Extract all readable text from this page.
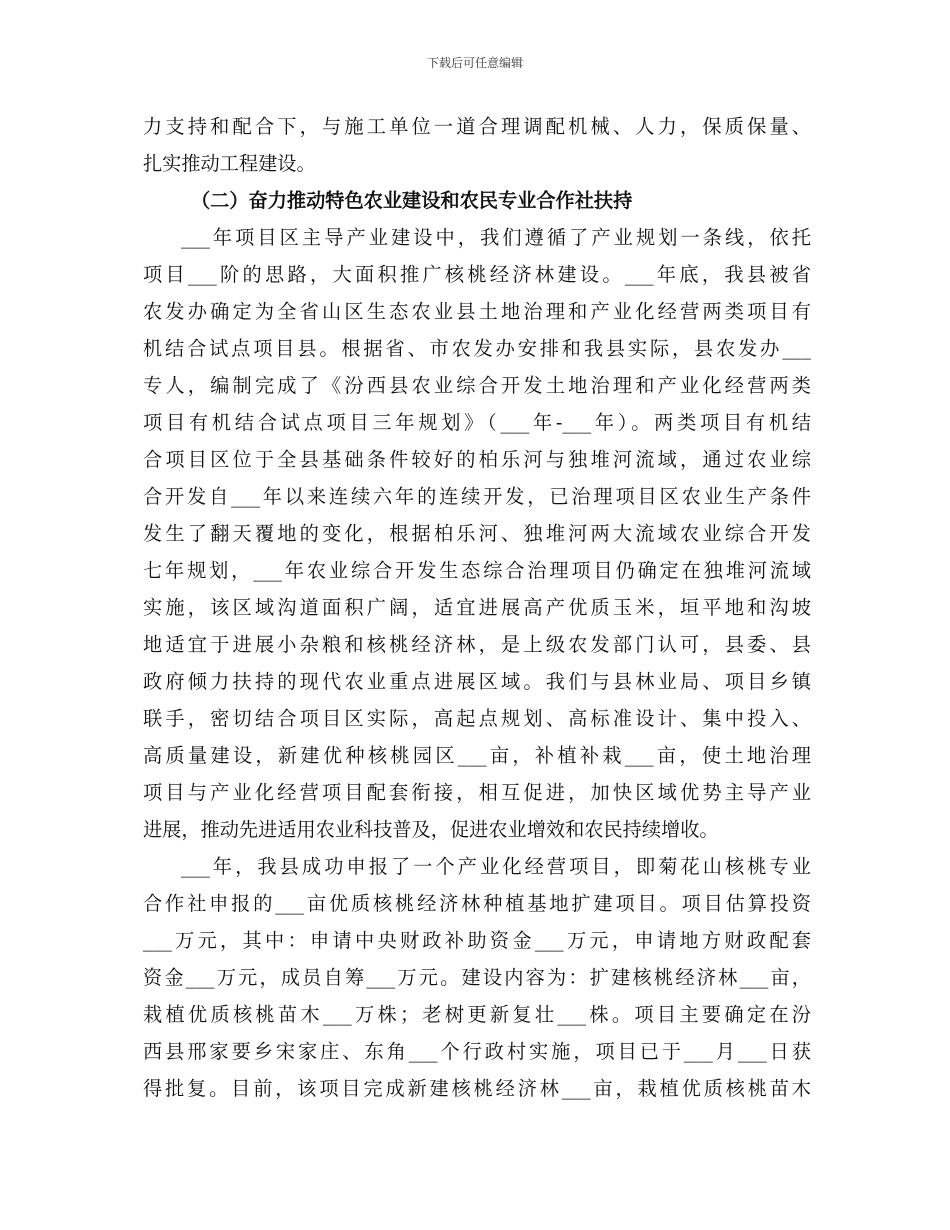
下载后可任意编辑
力支持和配合下，与施工单位一道合理调配机械、人力，保质保量、
扎实推动工程建设。
（二）奋力推动特色农业建设和农民专业合作社扶持
___年项目区主导产业建设中，我们遵循了产业规划一条线，依托
项目___阶的思路，大面积推广核桃经济林建设。___年底，我县被省
农发办确定为全省山区生态农业县土地治理和产业化经营两类项目有
机结合试点项目县。根据省、市农发办安排和我县实际，县农发办___
专人，编制完成了《汾西县农业综合开发土地治理和产业化经营两类
项目有机结合试点项目三年规划》（___年-___年）。两类项目有机结
合项目区位于全县基础条件较好的柏乐河与独堆河流域，通过农业综
合开发自___年以来连续六年的连续开发，已治理项目区农业生产条件
发生了翻天覆地的变化，根据柏乐河、独堆河两大流域农业综合开发
七年规划，___年农业综合开发生态综合治理项目仍确定在独堆河流域
实施，该区域沟道面积广阔，适宜进展高产优质玉米，垣平地和沟坡
地适宜于进展小杂粮和核桃经济林，是上级农发部门认可，县委、县
政府倾力扶持的现代农业重点进展区域。我们与县林业局、项目乡镇
联手，密切结合项目区实际，高起点规划、高标准设计、集中投入、
高质量建设，新建优种核桃园区___亩，补植补栽___亩，使土地治理
项目与产业化经营项目配套衔接，相互促进，加快区域优势主导产业
进展，推动先进适用农业科技普及，促进农业增效和农民持续增收。
___年，我县成功申报了一个产业化经营项目，即菊花山核桃专业
合作社申报的___亩优质核桃经济林种植基地扩建项目。项目估算投资
___万元，其中：申请中央财政补助资金___万元，申请地方财政配套
资金___万元，成员自筹___万元。建设内容为：扩建核桃经济林___亩，
栽植优质核桃苗木___万株；老树更新复壮___株。项目主要确定在汾
西县邢家要乡宋家庄、东角___个行政村实施，项目已于___月___日获
得批复。目前，该项目完成新建核桃经济林___亩，栽植优质核桃苗木
